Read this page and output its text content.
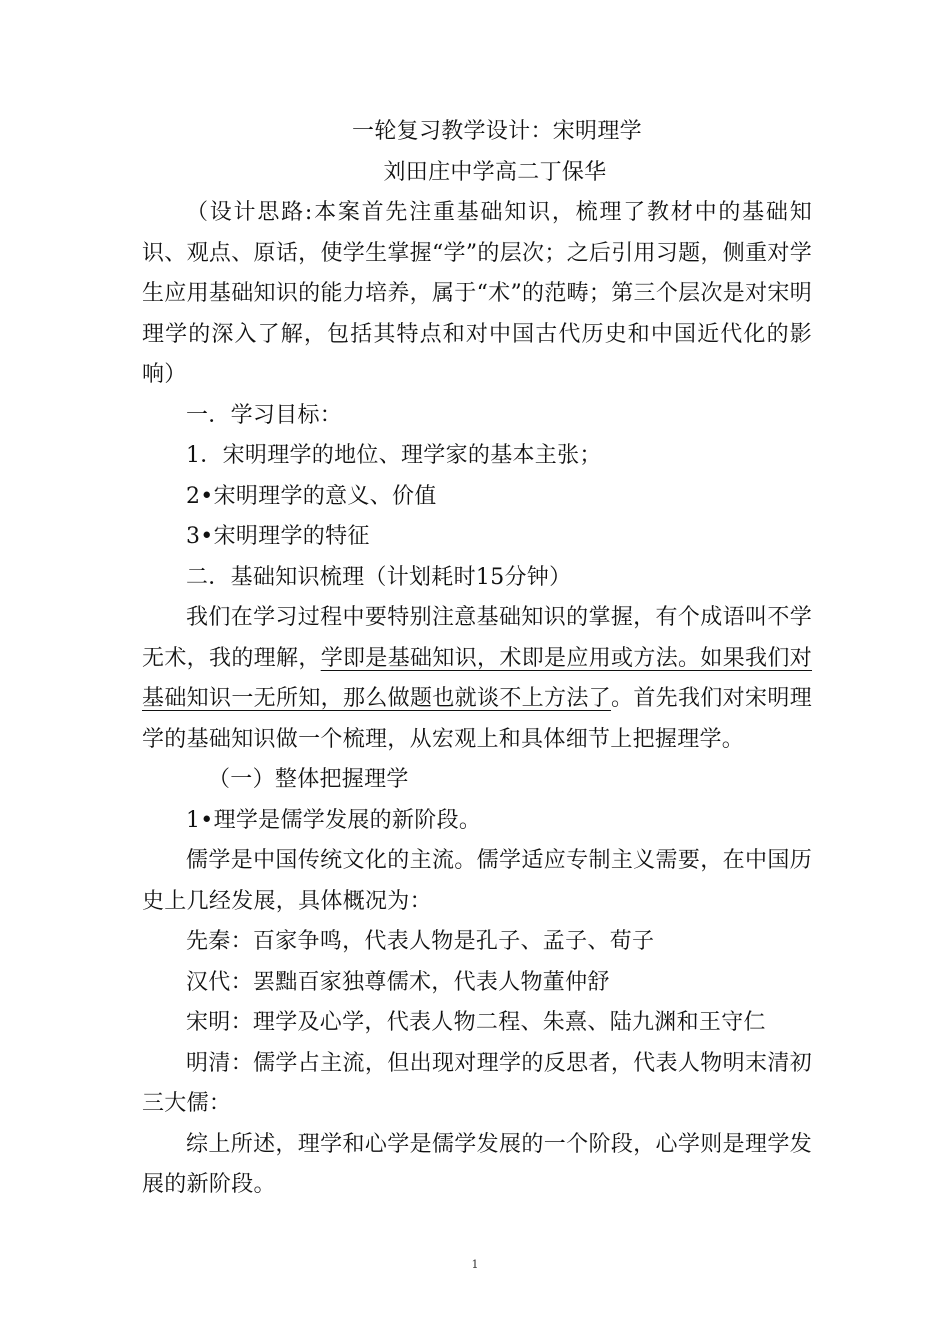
一轮复习教学设计：宋明理学

刘田庄中学高二丁保华

（设计思路:本案首先注重基础知识，梳理了教材中的基础知识、观点、原话，使学生掌握“学”的层次；之后引用习题，侧重对学生应用基础知识的能力培养，属于“术”的范畴；第三个层次是对宋明理学的深入了解，包括其特点和对中国古代历史和中国近代化的影响）

一．学习目标：

1．宋明理学的地位、理学家的基本主张；

2•宋明理学的意义、价值

3•宋明理学的特征

二．基础知识梳理（计划耗时15分钟）

我们在学习过程中要特别注意基础知识的掌握，有个成语叫不学无术，我的理解，学即是基础知识，术即是应用或方法。如果我们对基础知识一无所知，那么做题也就谈不上方法了。首先我们对宋明理学的基础知识做一个梳理，从宏观上和具体细节上把握理学。

（一）整体把握理学

1•理学是儒学发展的新阶段。

儒学是中国传统文化的主流。儒学适应专制主义需要，在中国历史上几经发展，具体概况为：

先秦：百家争鸣，代表人物是孔子、孟子、荀子

汉代：罢黜百家独尊儒术，代表人物董仲舒

宋明：理学及心学，代表人物二程、朱熹、陆九渊和王守仁

明清：儒学占主流，但出现对理学的反思者，代表人物明末清初三大儒：

综上所述，理学和心学是儒学发展的一个阶段，心学则是理学发展的新阶段。

1
